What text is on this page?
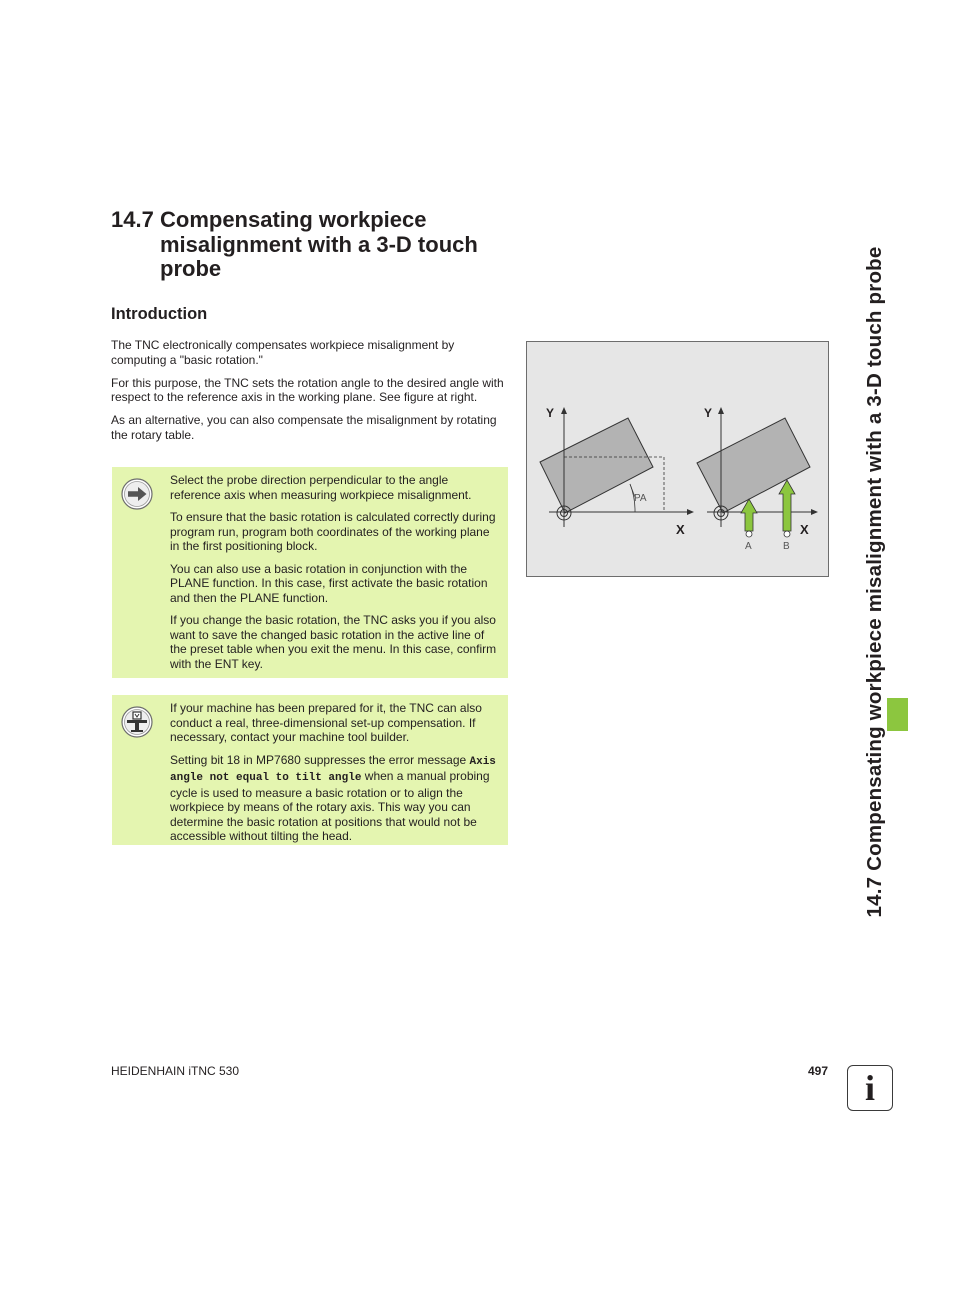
14.7 Compensating workpiece misalignment with a 3-D touch probe
Introduction

The TNC electronically compensates workpiece misalignment by computing a "basic rotation."

For this purpose, the TNC sets the rotation angle to the desired angle with respect to the reference axis in the working plane. See figure at right.

As an alternative, you can also compensate the misalignment by rotating the rotary table.

Select the probe direction perpendicular to the angle reference axis when measuring workpiece misalignment.

To ensure that the basic rotation is calculated correctly during program run, program both coordinates of the working plane in the first positioning block.

You can also use a basic rotation in conjunction with the PLANE function. In this case, first activate the basic rotation and then the PLANE function.

If you change the basic rotation, the TNC asks you if you also want to save the changed basic rotation in the active line of the preset table when you exit the menu. In this case, confirm with the ENT key.

If your machine has been prepared for it, the TNC can also conduct a real, three-dimensional set-up compensation. If necessary, contact your machine tool builder.

Setting bit 18 in MP7680 suppresses the error message Axis angle not equal to tilt angle when a manual probing cycle is used to measure a basic rotation or to align the workpiece by means of the rotary axis. This way you can determine the basic rotation at positions that would not be accessible without tilting the head.

Y
X
PA
Y
X
A	B	14.7 Compensating workpiece misalignment with a 3-D touch probe
HEIDENHAIN iTNC 530	497	i
